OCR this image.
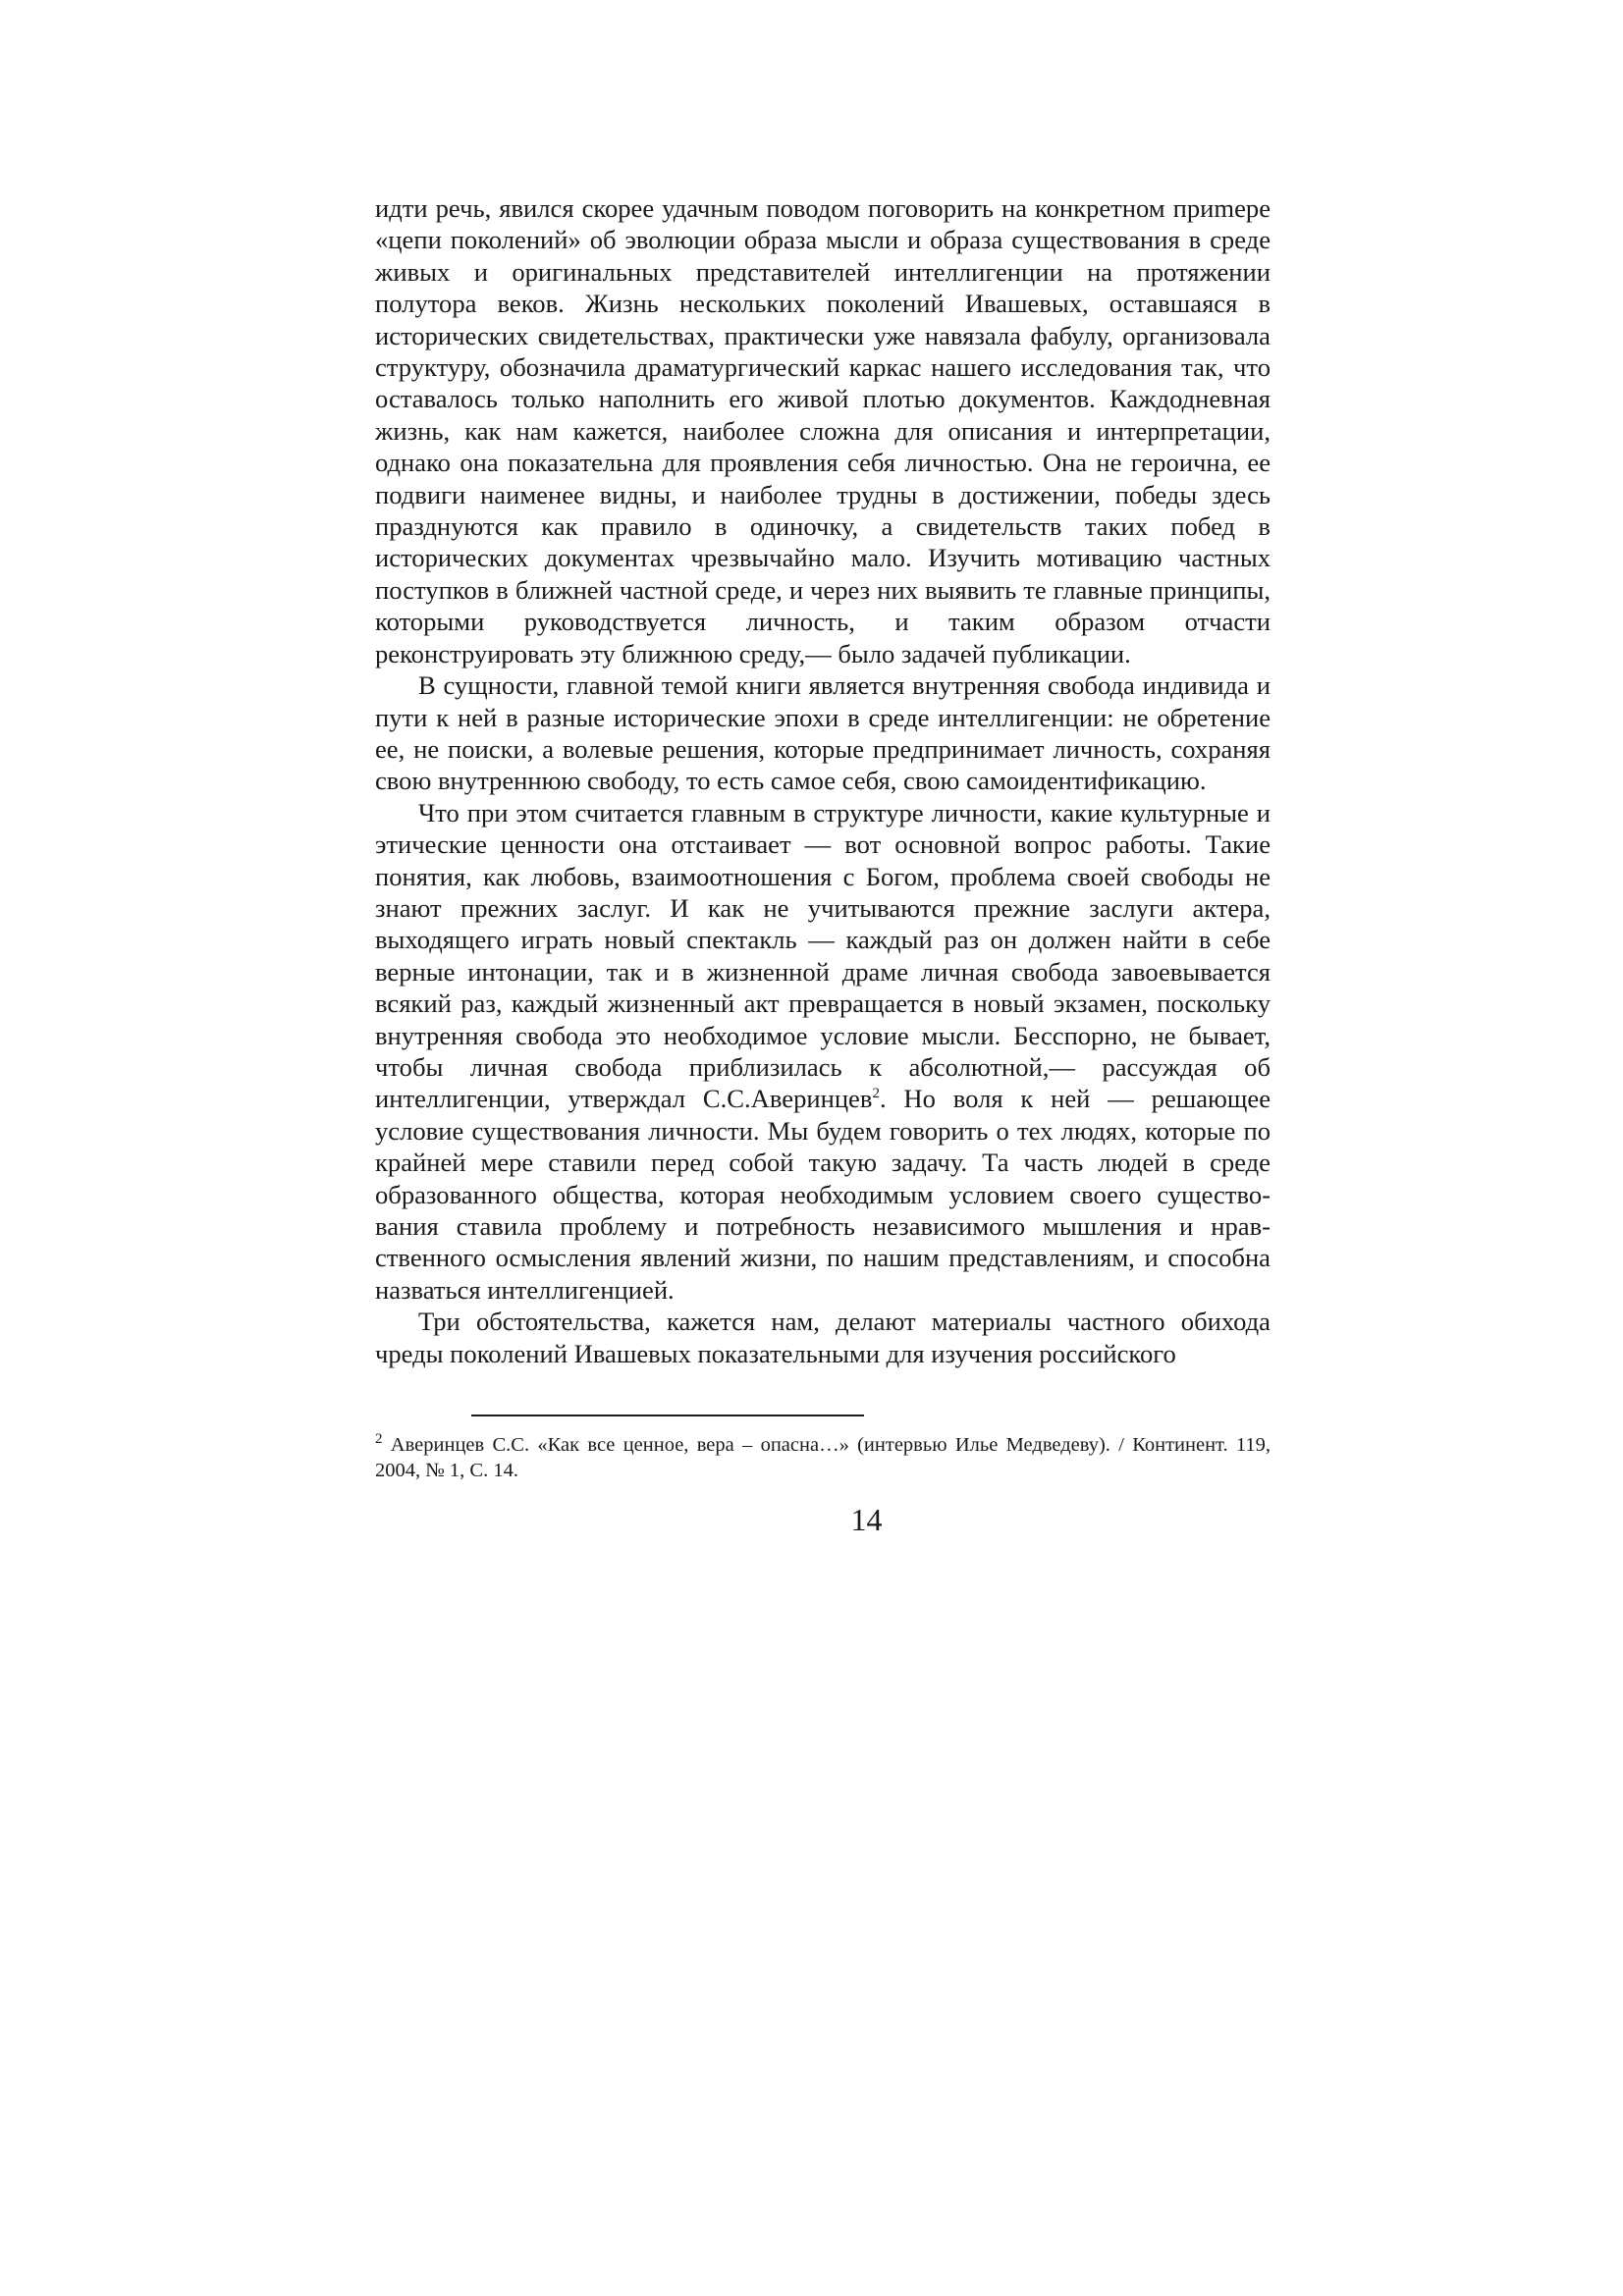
идти речь, явился скорее удачным поводом поговорить на конкретном приmере «цепи поколений» об эволюции образа мысли и образа существования в среде живых и оригинальных представителей интеллигенции на протяжении полутора веков. Жизнь нескольких поколений Ивашевых, оставшаяся в исторических свидетельствах, практически уже навязала фабулу, организовала структуру, обозначила драматургический каркас нашего исследования так, что оставалось только наполнить его живой плотью документов. Каждодневная жизнь, как нам кажется, наиболее сложна для описания и интерпретации, однако она показательна для проявления себя личностью. Она не героична, ее подвиги наименее видны, и наиболее трудны в достижении, победы здесь празднуются как правило в одиночку, а свидетельств таких побед в исторических документах чрезвычайно мало. Изучить мотивацию частных поступков в ближней частной среде, и через них выявить те главные принципы, которыми руководствуется личность, и таким образом отчасти реконструировать эту ближнюю среду,— было задачей публикации.

В сущности, главной темой книги является внутренняя свобода индивида и пути к ней в разные исторические эпохи в среде интеллигенции: не обретение ее, не поиски, а волевые решения, которые предпринимает личность, сохраняя свою внутреннюю свободу, то есть самое себя, свою самоидентификацию.

Что при этом считается главным в структуре личности, какие культурные и этические ценности она отстаивает — вот основной вопрос работы. Такие понятия, как любовь, взаимоотношения с Богом, проблема своей свободы не знают прежних заслуг. И как не учитываются прежние заслуги актера, выходящего играть новый спектакль — каждый раз он должен найти в себе верные интонации, так и в жизненной драме личная свобода завоевывается всякий раз, каждый жизненный акт превращается в новый экзамен, поскольку внутренняя свобода это необходимое условие мысли. Бесспорно, не бывает, чтобы личная свобода приблизилась к абсолютной,— рассуждая об интеллигенции, утверждал С.С.Аверинцев$^2$. Но воля к ней — решающее условие существования личности. Мы будем говорить о тех людях, которые по крайней мере ставили перед собой такую задачу. Та часть людей в среде образованного общества, которая необходимым условием своего существования ставила проблему и потребность независимого мышления и нравственного осмысления явлений жизни, по нашим представлениям, и способна назваться интеллигенцией.

Три обстоятельства, кажется нам, делают материалы частного обихода чреды поколений Ивашевых показательными для изучения российского

$^2$ Аверинцев С.С. «Как все ценное, вера – опасна…» (интервью Илье Медведеву). / Континент. 119, 2004, № 1, С. 14.

14
